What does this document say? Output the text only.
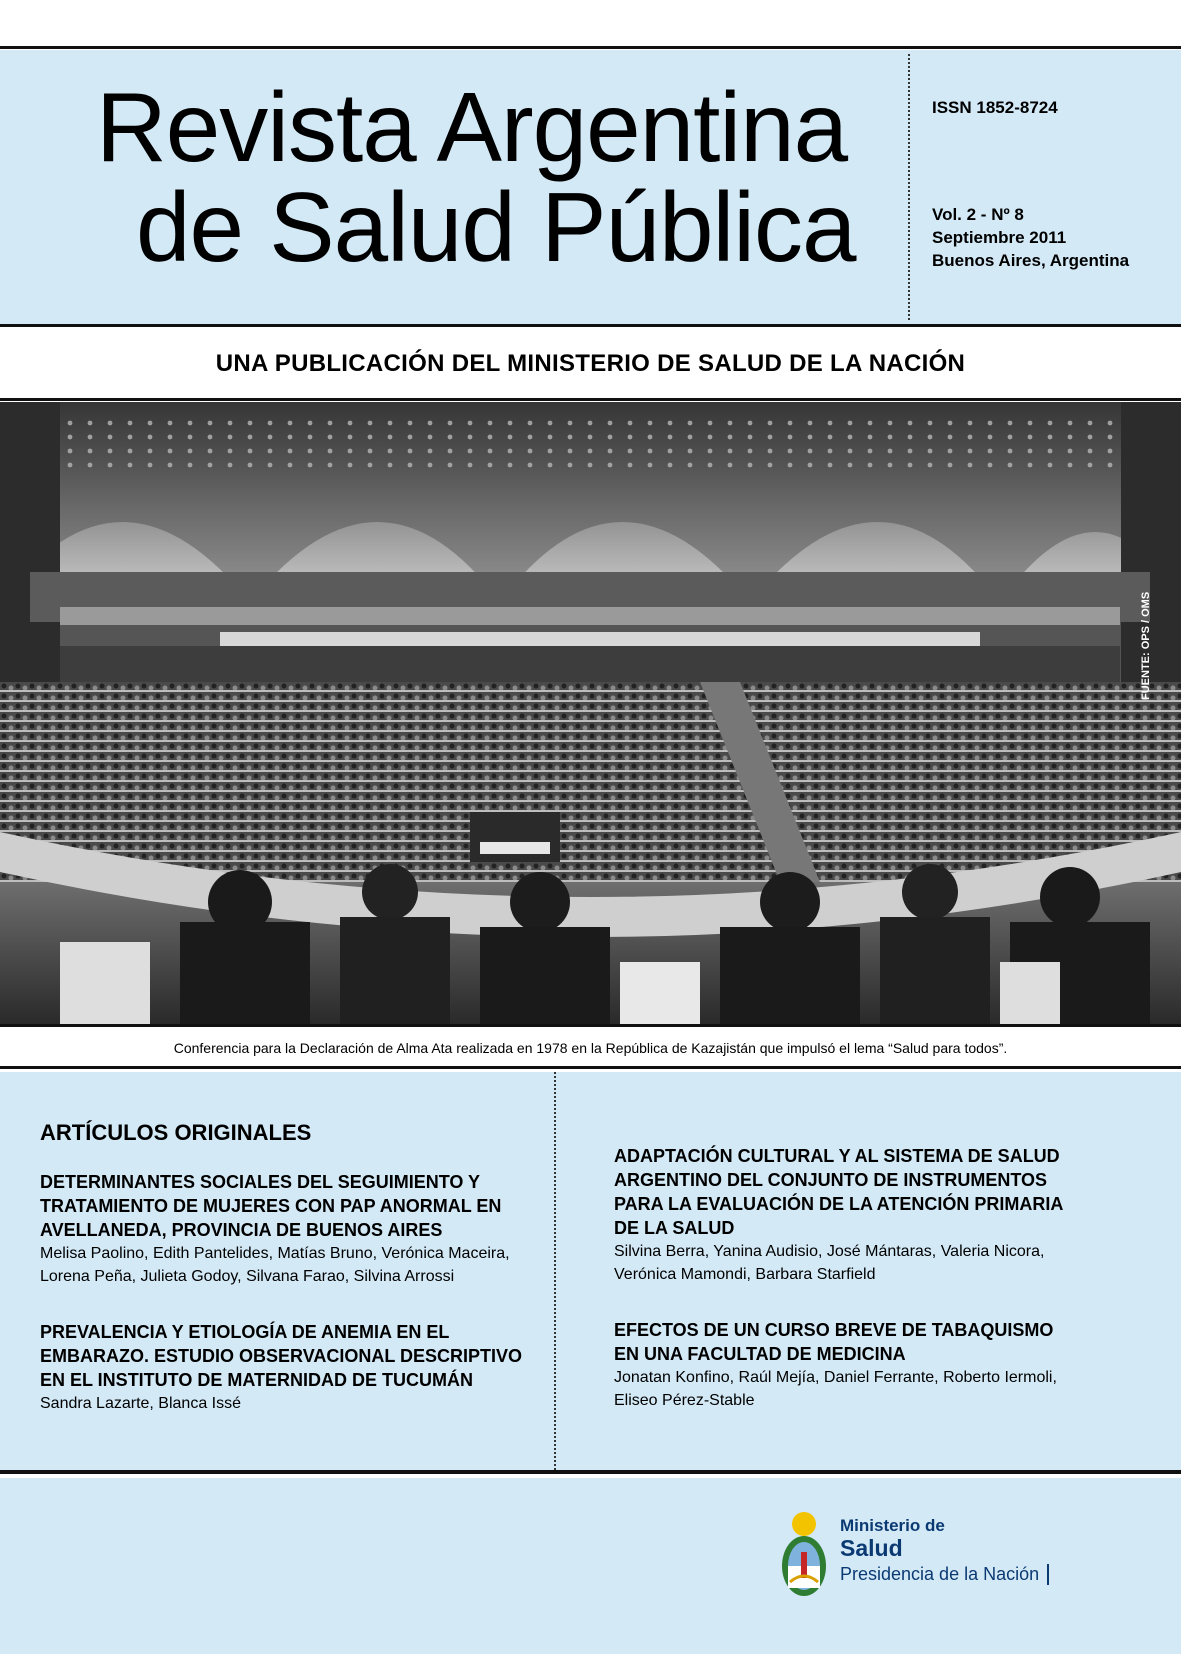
Revista Argentina
de Salud Pública
ISSN 1852-8724
Vol. 2 - Nº 8
Septiembre 2011
Buenos Aires, Argentina
UNA PUBLICACIÓN DEL MINISTERIO DE SALUD DE LA NACIÓN
FUENTE: OPS / OMS
Conferencia para la Declaración de Alma Ata realizada en 1978 en la República de Kazajistán que impulsó el lema “Salud para todos”.
ARTÍCULOS ORIGINALES
DETERMINANTES SOCIALES DEL SEGUIMIENTO Y TRATAMIENTO DE MUJERES CON PAP ANORMAL EN AVELLANEDA, PROVINCIA DE BUENOS AIRES
Melisa Paolino, Edith Pantelides, Matías Bruno, Verónica Maceira, Lorena Peña, Julieta Godoy, Silvana Farao, Silvina Arrossi
PREVALENCIA Y ETIOLOGÍA DE ANEMIA EN EL EMBARAZO. ESTUDIO OBSERVACIONAL DESCRIPTIVO EN EL INSTITUTO DE MATERNIDAD DE TUCUMÁN
Sandra Lazarte, Blanca Issé
ADAPTACIÓN CULTURAL Y AL SISTEMA DE SALUD ARGENTINO DEL CONJUNTO DE INSTRUMENTOS PARA LA EVALUACIÓN DE LA ATENCIÓN PRIMARIA DE LA SALUD
Silvina Berra, Yanina Audisio, José Mántaras, Valeria Nicora, Verónica Mamondi, Barbara Starfield
EFECTOS DE UN CURSO BREVE DE TABAQUISMO EN UNA FACULTAD DE MEDICINA
Jonatan Konfino, Raúl Mejía, Daniel Ferrante, Roberto Iermoli, Eliseo Pérez-Stable
Ministerio de
Salud
Presidencia de la Nación
